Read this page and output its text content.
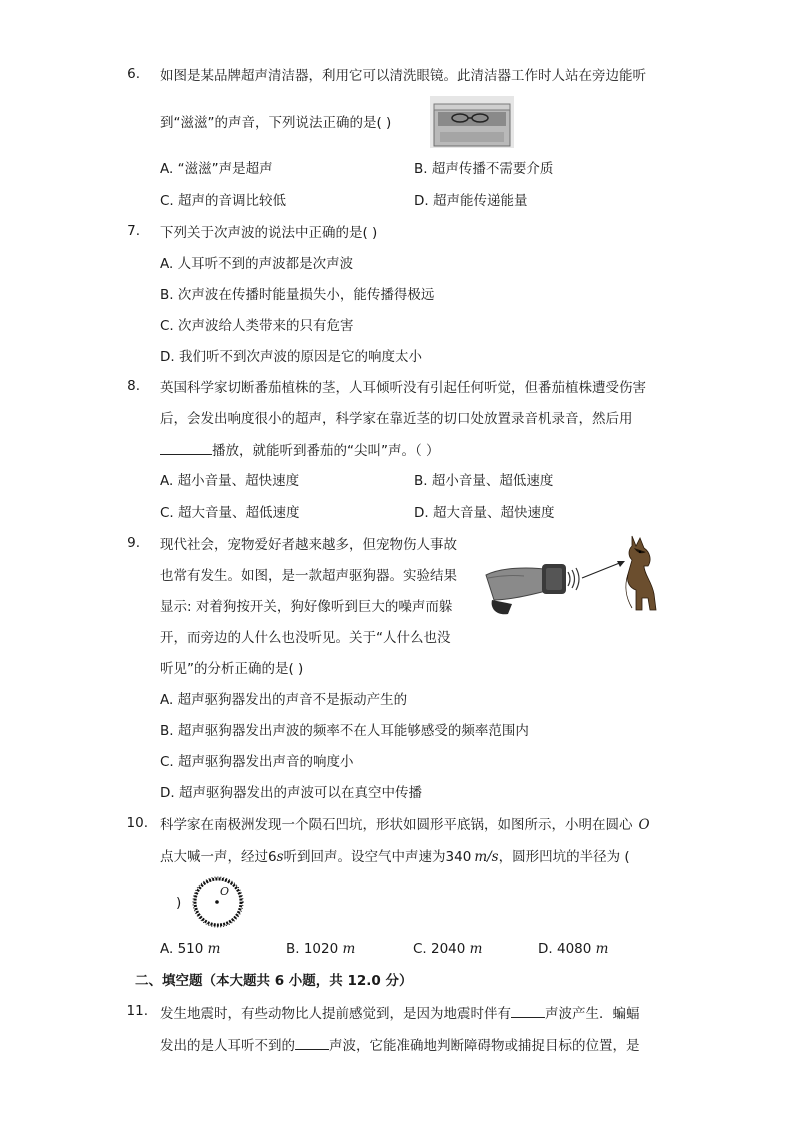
6. 如图是某品牌超声清洁器，利用它可以清洗眼镜。此清洁器工作时人站在旁边能听
到“滋滋”的声音，下列说法正确的是( )
A. “滋滋”声是超声	B. 超声传播不需要介质
C. 超声的音调比较低	D. 超声能传递能量
7. 下列关于次声波的说法中正确的是( )
A. 人耳听不到的声波都是次声波
B. 次声波在传播时能量损失小，能传播得极远
C. 次声波给人类带来的只有危害
D. 我们听不到次声波的原因是它的响度太小
8. 英国科学家切断番茄植株的茎，人耳倾听没有引起任何听觉，但番茄植株遭受伤害
后，会发出响度很小的超声，科学家在靠近茎的切口处放置录音机录音，然后用
播放，就能听到番茄的“尖叫”声。（ ）
A. 超小音量、超快速度	B. 超小音量、超低速度
C. 超大音量、超低速度	D. 超大音量、超快速度
9. 现代社会，宠物爱好者越来越多，但宠物伤人事故
也常有发生。如图，是一款超声驱狗器。实验结果
显示: 对着狗按开关，狗好像听到巨大的噪声而躲
开，而旁边的人什么也没听见。关于“人什么也没
听见”的分析正确的是( )
A. 超声驱狗器发出的声音不是振动产生的
B. 超声驱狗器发出声波的频率不在人耳能够感受的频率范围内
C. 超声驱狗器发出声音的响度小
D. 超声驱狗器发出的声波可以在真空中传播
10. 科学家在南极洲发现一个陨石凹坑，形状如圆形平底锅，如图所示，小明在圆心 O
点大喊一声，经过6s听到回声。设空气中声速为340 m/s，圆形凹坑的半径为 (
)
O
A. 510 m	B. 1020 m	C. 2040 m	D. 4080 m
二、填空题（本大题共 6 小题，共 12.0 分）
11. 发生地震时，有些动物比人提前感觉到，是因为地震时伴有	声波产生．蝙蝠
发出的是人耳听不到的	声波，它能准确地判断障碍物或捕捉目标的位置，是
